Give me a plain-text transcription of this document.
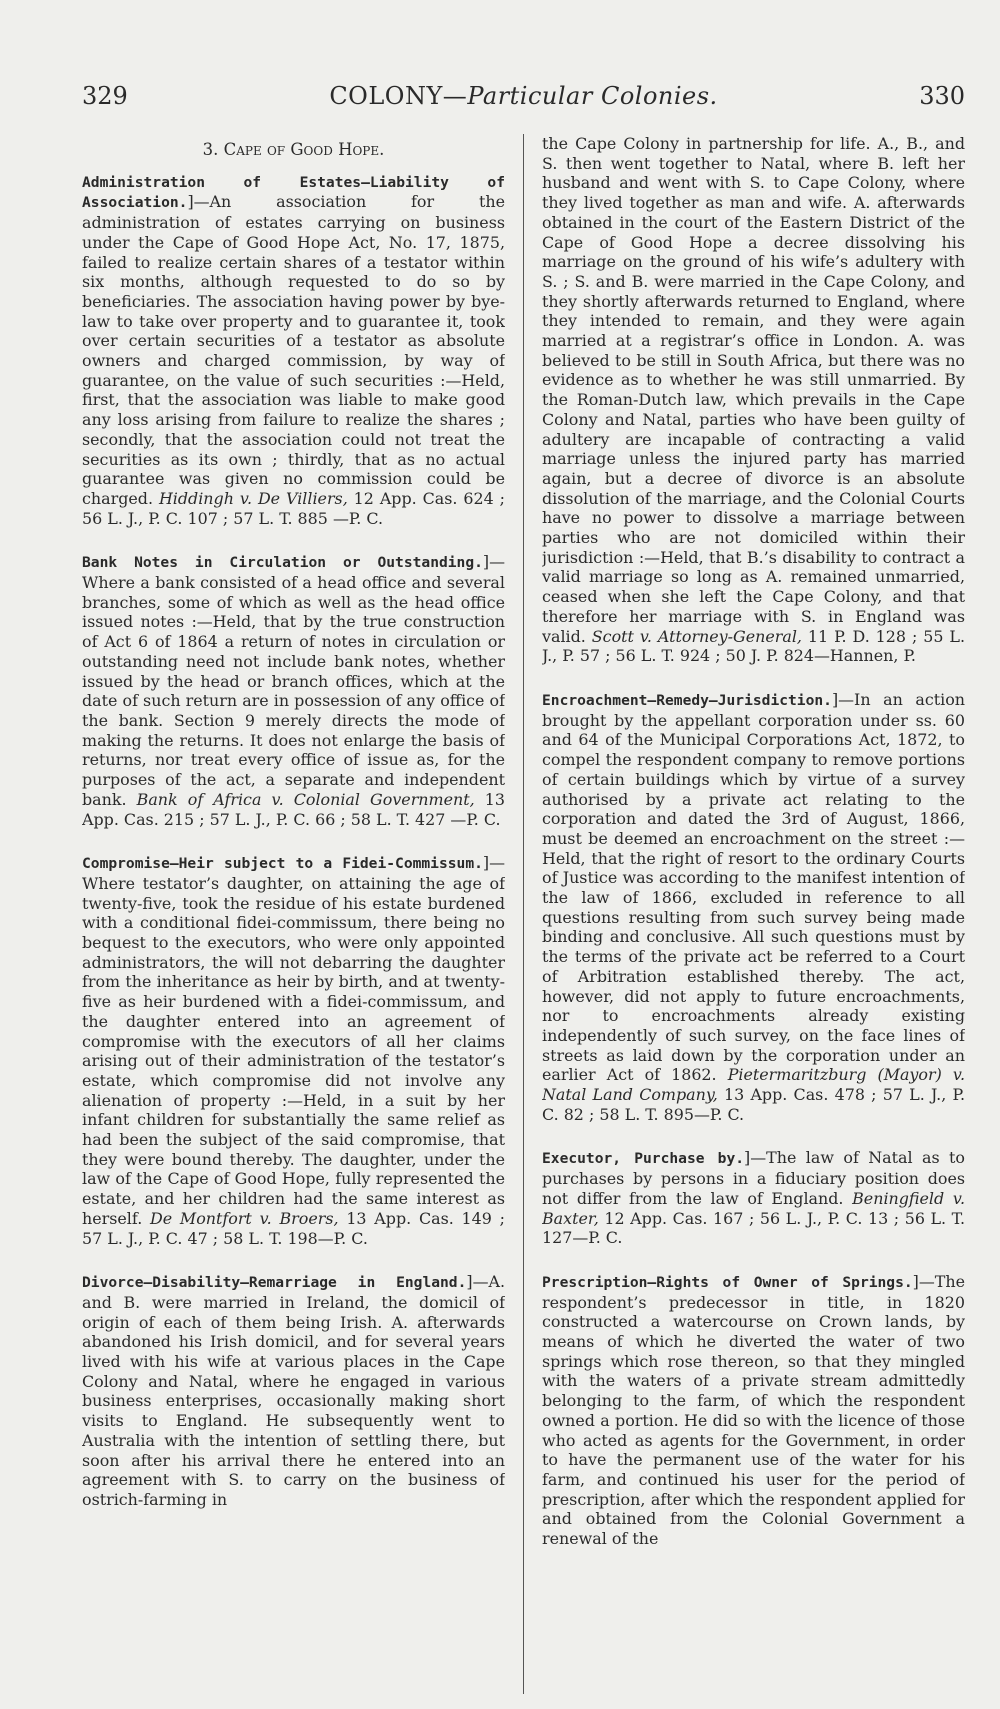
329	COLONY—Particular Colonies.	330
3. Cape of Good Hope.

Administration of Estates—Liability of Association.]—An association for the administration of estates carrying on business under the Cape of Good Hope Act, No. 17, 1875, failed to realize certain shares of a testator within six months, although requested to do so by beneficiaries. The association having power by bye-law to take over property and to guarantee it, took over certain securities of a testator as absolute owners and charged commission, by way of guarantee, on the value of such securities :—Held, first, that the association was liable to make good any loss arising from failure to realize the shares ; secondly, that the association could not treat the securities as its own ; thirdly, that as no actual guarantee was given no commission could be charged. Hiddingh v. De Villiers, 12 App. Cas. 624 ; 56 L. J., P. C. 107 ; 57 L. T. 885 —P. C.

Bank Notes in Circulation or Outstanding.]—Where a bank consisted of a head office and several branches, some of which as well as the head office issued notes :—Held, that by the true construction of Act 6 of 1864 a return of notes in circulation or outstanding need not include bank notes, whether issued by the head or branch offices, which at the date of such return are in possession of any office of the bank. Section 9 merely directs the mode of making the returns. It does not enlarge the basis of returns, nor treat every office of issue as, for the purposes of the act, a separate and independent bank. Bank of Africa v. Colonial Government, 13 App. Cas. 215 ; 57 L. J., P. C. 66 ; 58 L. T. 427 —P. C.

Compromise—Heir subject to a Fidei-Commissum.]—Where testator’s daughter, on attaining the age of twenty-five, took the residue of his estate burdened with a conditional fidei-commissum, there being no bequest to the executors, who were only appointed administrators, the will not debarring the daughter from the inheritance as heir by birth, and at twenty-five as heir burdened with a fidei-commissum, and the daughter entered into an agreement of compromise with the executors of all her claims arising out of their administration of the testator’s estate, which compromise did not involve any alienation of property :—Held, in a suit by her infant children for substantially the same relief as had been the subject of the said compromise, that they were bound thereby. The daughter, under the law of the Cape of Good Hope, fully represented the estate, and her children had the same interest as herself. De Montfort v. Broers, 13 App. Cas. 149 ; 57 L. J., P. C. 47 ; 58 L. T. 198—P. C.

Divorce—Disability—Remarriage in England.]—A. and B. were married in Ireland, the domicil of origin of each of them being Irish. A. afterwards abandoned his Irish domicil, and for several years lived with his wife at various places in the Cape Colony and Natal, where he engaged in various business enterprises, occasionally making short visits to England. He subsequently went to Australia with the intention of settling there, but soon after his arrival there he entered into an agreement with S. to carry on the business of ostrich-farming in

the Cape Colony in partnership for life. A., B., and S. then went together to Natal, where B. left her husband and went with S. to Cape Colony, where they lived together as man and wife. A. afterwards obtained in the court of the Eastern District of the Cape of Good Hope a decree dissolving his marriage on the ground of his wife’s adultery with S. ; S. and B. were married in the Cape Colony, and they shortly afterwards returned to England, where they intended to remain, and they were again married at a registrar’s office in London. A. was believed to be still in South Africa, but there was no evidence as to whether he was still unmarried. By the Roman-Dutch law, which prevails in the Cape Colony and Natal, parties who have been guilty of adultery are incapable of contracting a valid marriage unless the injured party has married again, but a decree of divorce is an absolute dissolution of the marriage, and the Colonial Courts have no power to dissolve a marriage between parties who are not domiciled within their jurisdiction :—Held, that B.’s disability to contract a valid marriage so long as A. remained unmarried, ceased when she left the Cape Colony, and that therefore her marriage with S. in England was valid. Scott v. Attorney-General, 11 P. D. 128 ; 55 L. J., P. 57 ; 56 L. T. 924 ; 50 J. P. 824—Hannen, P.

Encroachment—Remedy—Jurisdiction.]—In an action brought by the appellant corporation under ss. 60 and 64 of the Municipal Corporations Act, 1872, to compel the respondent company to remove portions of certain buildings which by virtue of a survey authorised by a private act relating to the corporation and dated the 3rd of August, 1866, must be deemed an encroachment on the street :—Held, that the right of resort to the ordinary Courts of Justice was according to the manifest intention of the law of 1866, excluded in reference to all questions resulting from such survey being made binding and conclusive. All such questions must by the terms of the private act be referred to a Court of Arbitration established thereby. The act, however, did not apply to future encroachments, nor to encroachments already existing independently of such survey, on the face lines of streets as laid down by the corporation under an earlier Act of 1862. Pietermaritzburg (Mayor) v. Natal Land Company, 13 App. Cas. 478 ; 57 L. J., P. C. 82 ; 58 L. T. 895—P. C.

Executor, Purchase by.]—The law of Natal as to purchases by persons in a fiduciary position does not differ from the law of England. Beningfield v. Baxter, 12 App. Cas. 167 ; 56 L. J., P. C. 13 ; 56 L. T. 127—P. C.

Prescription—Rights of Owner of Springs.]—The respondent’s predecessor in title, in 1820 constructed a watercourse on Crown lands, by means of which he diverted the water of two springs which rose thereon, so that they mingled with the waters of a private stream admittedly belonging to the farm, of which the respondent owned a portion. He did so with the licence of those who acted as agents for the Government, in order to have the permanent use of the water for his farm, and continued his user for the period of prescription, after which the respondent applied for and obtained from the Colonial Government a renewal of the
